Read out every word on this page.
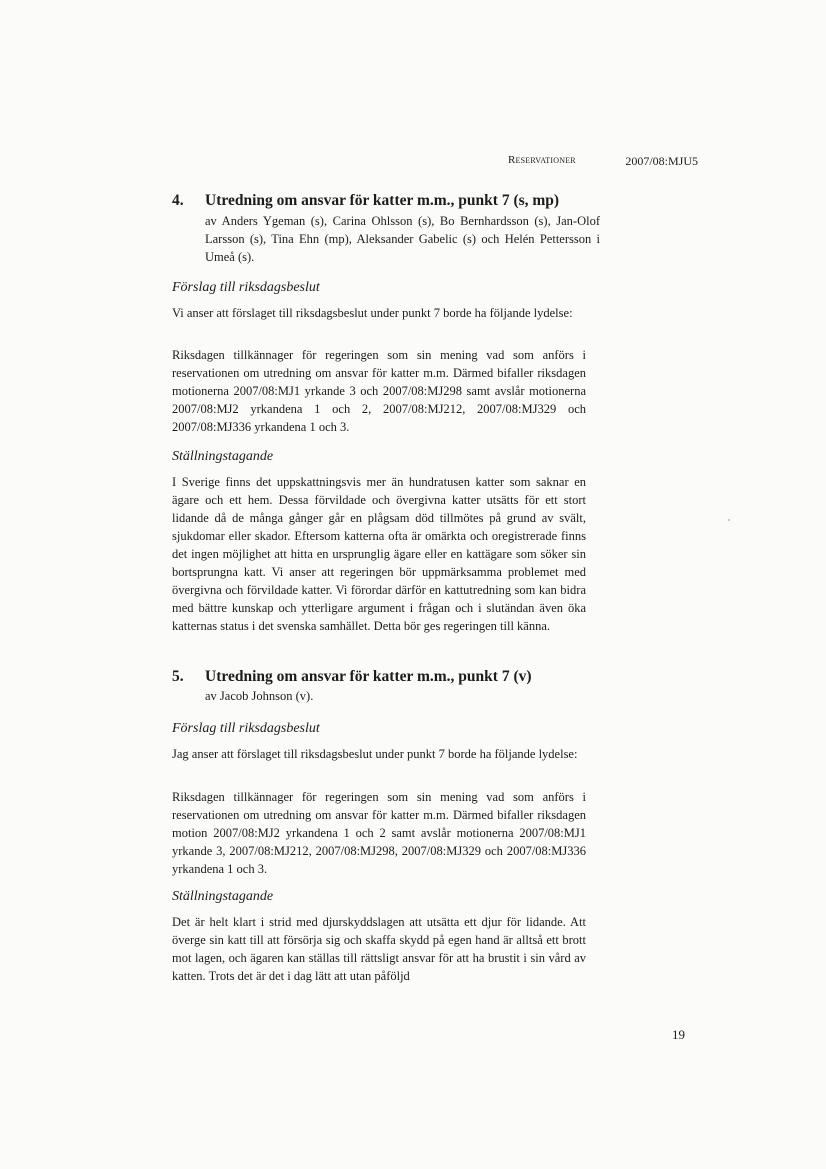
Reservationer	2007/08:MJU5
4. Utredning om ansvar för katter m.m., punkt 7 (s, mp)
av Anders Ygeman (s), Carina Ohlsson (s), Bo Bernhardsson (s), Jan-Olof Larsson (s), Tina Ehn (mp), Aleksander Gabelic (s) och Helén Pettersson i Umeå (s).
Förslag till riksdagsbeslut

Vi anser att förslaget till riksdagsbeslut under punkt 7 borde ha följande lydelse:

Riksdagen tillkännager för regeringen som sin mening vad som anförs i reservationen om utredning om ansvar för katter m.m. Därmed bifaller riksdagen motionerna 2007/08:MJ1 yrkande 3 och 2007/08:MJ298 samt avslår motionerna 2007/08:MJ2 yrkandena 1 och 2, 2007/08:MJ212, 2007/08:MJ329 och 2007/08:MJ336 yrkandena 1 och 3.

Ställningstagande

I Sverige finns det uppskattningsvis mer än hundratusen katter som saknar en ägare och ett hem. Dessa förvildade och övergivna katter utsätts för ett stort lidande då de många gånger går en plågsam död tillmötes på grund av svält, sjukdomar eller skador. Eftersom katterna ofta är omärkta och oregistrerade finns det ingen möjlighet att hitta en ursprunglig ägare eller en kattägare som söker sin bortsprungna katt. Vi anser att regeringen bör uppmärksamma problemet med övergivna och förvildade katter. Vi förordar därför en kattutredning som kan bidra med bättre kunskap och ytterligare argument i frågan och i slutändan även öka katternas status i det svenska samhället. Detta bör ges regeringen till känna.

5. Utredning om ansvar för katter m.m., punkt 7 (v)
av Jacob Johnson (v).
Förslag till riksdagsbeslut

Jag anser att förslaget till riksdagsbeslut under punkt 7 borde ha följande lydelse:

Riksdagen tillkännager för regeringen som sin mening vad som anförs i reservationen om utredning om ansvar för katter m.m. Därmed bifaller riksdagen motion 2007/08:MJ2 yrkandena 1 och 2 samt avslår motionerna 2007/08:MJ1 yrkande 3, 2007/08:MJ212, 2007/08:MJ298, 2007/08:MJ329 och 2007/08:MJ336 yrkandena 1 och 3.

Ställningstagande

Det är helt klart i strid med djurskyddslagen att utsätta ett djur för lidande. Att överge sin katt till att försörja sig och skaffa skydd på egen hand är alltså ett brott mot lagen, och ägaren kan ställas till rättsligt ansvar för att ha brustit i sin vård av katten. Trots det är det i dag lätt att utan påföljd

19
